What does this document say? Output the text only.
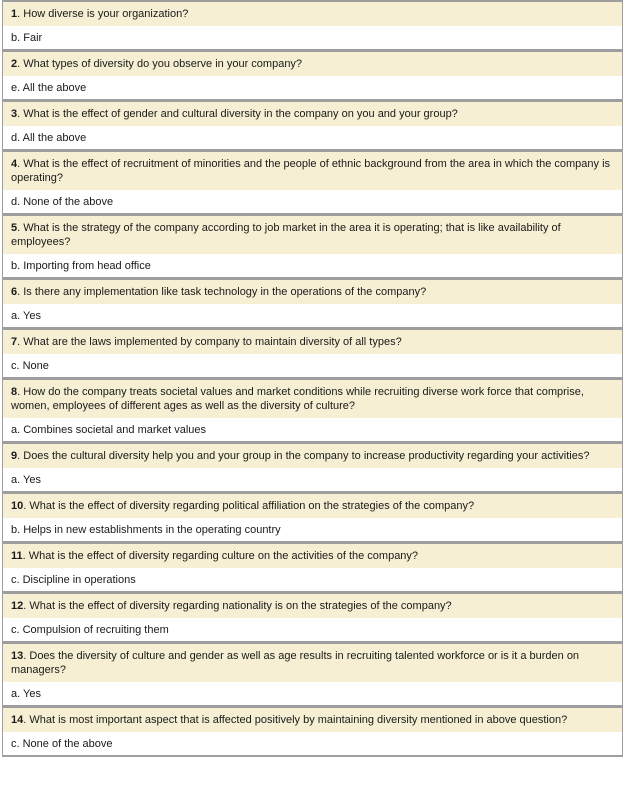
1. How diverse is your organization?
b. Fair
2. What types of diversity do you observe in your company?
e. All the above
3. What is the effect of gender and cultural diversity in the company on you and your group?
d. All the above
4. What is the effect of recruitment of minorities and the people of ethnic background from the area in which the company is operating?
d. None of the above
5. What is the strategy of the company according to job market in the area it is operating; that is like availability of employees?
b. Importing from head office
6. Is there any implementation like task technology in the operations of the company?
a. Yes
7. What are the laws implemented by company to maintain diversity of all types?
c. None
8. How do the company treats societal values and market conditions while recruiting diverse work force that comprise, women, employees of different ages as well as the diversity of culture?
a. Combines societal and market values
9. Does the cultural diversity help you and your group in the company to increase productivity regarding your activities?
a. Yes
10. What is the effect of diversity regarding political affiliation on the strategies of the company?
b. Helps in new establishments in the operating country
11. What is the effect of diversity regarding culture on the activities of the company?
c. Discipline in operations
12. What is the effect of diversity regarding nationality is on the strategies of the company?
c. Compulsion of recruiting them
13. Does the diversity of culture and gender as well as age results in recruiting talented workforce or is it a burden on managers?
a. Yes
14. What is most important aspect that is affected positively by maintaining diversity mentioned in above question?
c. None of the above
